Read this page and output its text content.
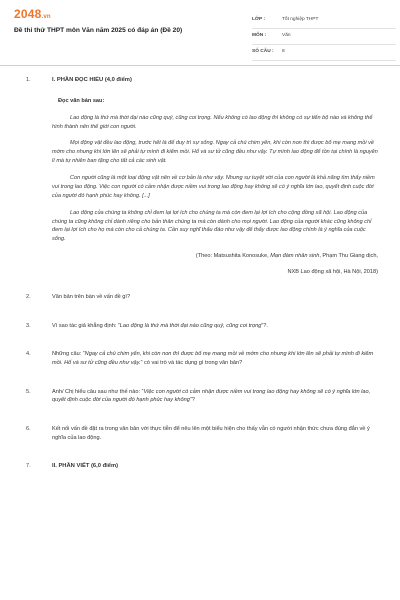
2048.vn
Đề thi thử THPT môn Văn năm 2025 có đáp án (Đề 20)
LỚP :	Tốt nghiệp THPT
MÔN :	Văn
SỐ CÂU : 8
1.	I. PHẦN ĐỌC HIỂU (4,0 điểm)
Đọc văn bản sau:

Lao động là thứ mà thời đại nào cũng quý, cũng coi trọng. Nếu không có lao động thì không có sự tiến bộ nào và không thể hình thành nên thế giới con người.

Mọi động vật đều lao động, trước hết là để duy trì sự sống. Ngay cả chú chim yến, khi còn non thì được bố mẹ mang mồi về mớm cho nhưng khi lớn lên sẽ phải tự mình đi kiếm mồi. Hổ và sư tử cũng đều như vậy. Tự mình lao động để tồn tại chính là nguyên lí mà tự nhiên ban tặng cho tất cả các sinh vật.

Con người cũng là một loại động vật nên về cơ bản là như vậy. Nhưng sự tuyệt vời của con người là khả năng tìm thấy niềm vui trong lao động. Việc con người có cảm nhận được niềm vui trong lao động hay không sẽ có ý nghĩa lớn lao, quyết định cuộc đời của người đó hạnh phúc hay không. [...]

Lao động của chúng ta không chỉ đem lại lợi ích cho chúng ta mà còn đem lại lợi ích cho cộng đồng xã hội. Lao động của chúng ta cũng không chỉ dành riêng cho bản thân chúng ta mà còn dành cho mọi người. Lao động của người khác cũng không chỉ đem lại lợi ích cho họ mà còn cho cả chúng ta. Cần suy nghĩ thấu đáo như vậy để thấy được lao động chính là ý nghĩa của cuộc sống.

(Theo: Matsushita Konosuke, Mạn đàm nhân sinh, Phạm Thu Giang dịch,
NXB Lao động xã hội, Hà Nội, 2018)
2.	Văn bản trên bàn về vấn đề gì?
3.	Vì sao tác giả khẳng định: “Lao động là thứ mà thời đại nào cũng quý, cũng coi trọng”?.
4.	Những câu: “Ngay cả chú chim yến, khi còn non thì được bố mẹ mang mồi về mớm cho nhưng khi lớn lên sẽ phải tự mình đi kiếm mồi. Hổ và sư tử cũng đều như vậy.” có vai trò và tác dụng gì trong văn bản?
5.	Anh/ Chị hiểu câu sau như thế nào: “Việc con người có cảm nhận được niềm vui trong lao động hay không sẽ có ý nghĩa lớn lao, quyết định cuộc đời của người đó hạnh phúc hay không”?
6.	Kết nối vấn đề đặt ra trong văn bản với thực tiễn để nêu lên một biểu hiện cho thấy vẫn có người nhận thức chưa đúng đắn về ý nghĩa của lao động.
7.	II. PHẦN VIẾT (6,0 điểm)
